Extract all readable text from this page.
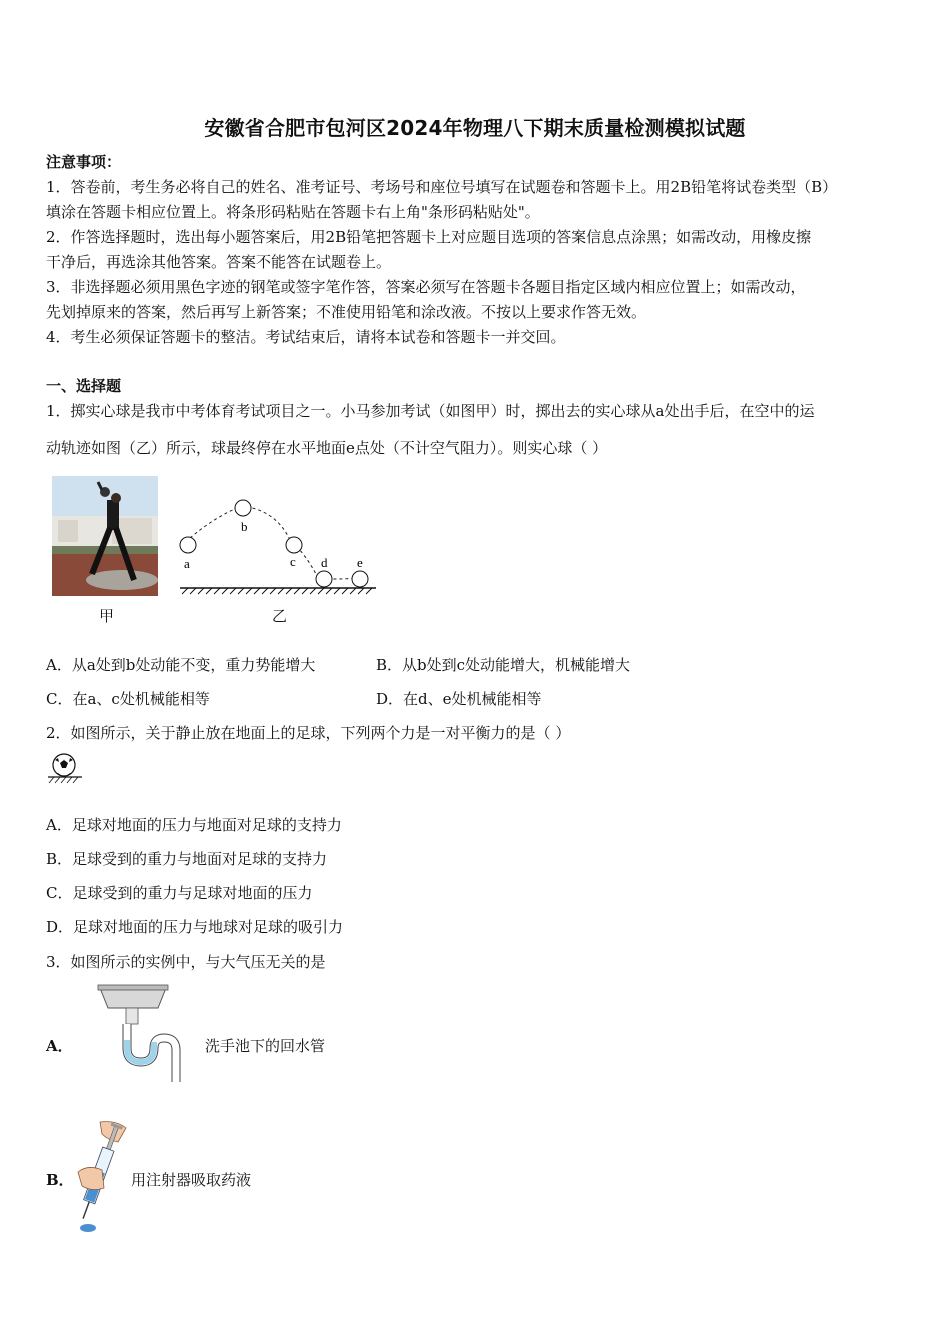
安徽省合肥市包河区2024年物理八下期末质量检测模拟试题
注意事项：
1．答卷前，考生务必将自己的姓名、准考证号、考场号和座位号填写在试题卷和答题卡上。用2B铅笔将试卷类型（B）
填涂在答题卡相应位置上。将条形码粘贴在答题卡右上角"条形码粘贴处"。
2．作答选择题时，选出每小题答案后，用2B铅笔把答题卡上对应题目选项的答案信息点涂黑；如需改动，用橡皮擦
干净后，再选涂其他答案。答案不能答在试题卷上。
3．非选择题必须用黑色字迹的钢笔或签字笔作答，答案必须写在答题卡各题目指定区域内相应位置上；如需改动，
先划掉原来的答案，然后再写上新答案；不准使用铅笔和涂改液。不按以上要求作答无效。
4．考生必须保证答题卡的整洁。考试结束后，请将本试卷和答题卡一并交回。
一、选择题
1．掷实心球是我市中考体育考试项目之一。小马参加考试（如图甲）时，掷出去的实心球从a处出手后，在空中的运
动轨迹如图（乙）所示，球最终停在水平地面e点处（不计空气阻力）。则实心球（ ）
甲
a
b
c d e
乙
A．从a处到b处动能不变，重力势能增大	B．从b处到c处动能增大，机械能增大
C．在a、c处机械能相等	D．在d、e处机械能相等
2．如图所示，关于静止放在地面上的足球，下列两个力是一对平衡力的是（ ）
A．足球对地面的压力与地面对足球的支持力
B．足球受到的重力与地面对足球的支持力
C．足球受到的重力与足球对地面的压力
D．足球对地面的压力与地球对足球的吸引力
3．如图所示的实例中，与大气压无关的是
A．	洗手池下的回水管
B．	用注射器吸取药液
